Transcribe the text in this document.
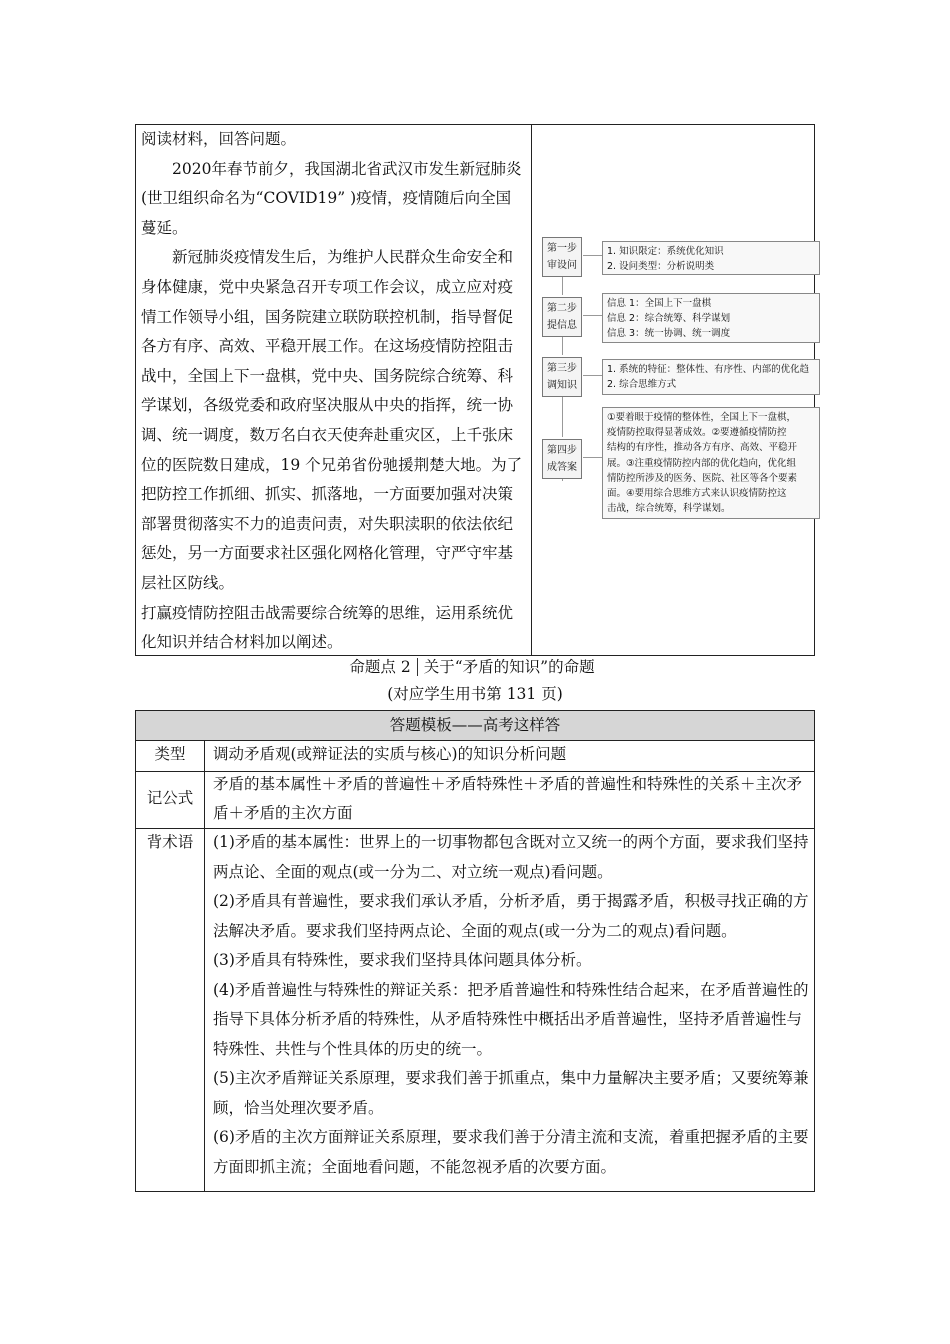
阅读材料，回答问题。

2020年春节前夕，我国湖北省武汉市发生新冠肺炎(世卫组织命名为“COVID19” )疫情，疫情随后向全国蔓延。

新冠肺炎疫情发生后，为维护人民群众生命安全和身体健康，党中央紧急召开专项工作会议，成立应对疫情工作领导小组，国务院建立联防联控机制，指导督促各方有序、高效、平稳开展工作。在这场疫情防控阻击战中，全国上下一盘棋，党中央、国务院综合统筹、科学谋划，各级党委和政府坚决服从中央的指挥，统一协调、统一调度，数万名白衣天使奔赴重灾区，上千张床位的医院数日建成，19 个兄弟省份驰援荆楚大地。为了把防控工作抓细、抓实、抓落地，一方面要加强对决策部署贯彻落实不力的追责问责，对失职渎职的依法依纪惩处，另一方面要求社区强化网格化管理，守严守牢基层社区防线。

打赢疫情防控阻击战需要综合统筹的思维，运用系统优化知识并结合材料加以阐述。

第一步
审设问
1. 知识限定：系统优化知识
2. 设问类型：分析说明类
第二步
提信息
信息 1：全国上下一盘棋
信息 2：综合统筹、科学谋划
信息 3：统一协调、统一调度
第三步
调知识
1. 系统的特征：整体性、有序性、内部的优化趋
2. 综合思维方式
第四步
成答案
①要着眼于疫情的整体性，全国上下一盘棋，
疫情防控取得显著成效。②要遵循疫情防控
结构的有序性，推动各方有序、高效、平稳开
展。③注重疫情防控内部的优化趋向，优化组
情防控所涉及的医务、医院、社区等各个要素
面。④要用综合思维方式来认识疫情防控这
击战，综合统筹，科学谋划。
命题点 2 关于“矛盾的知识”的命题
(对应学生用书第 131 页)
答题模板——高考这样答
类型	调动矛盾观(或辩证法的实质与核心)的知识分析问题

记公式

矛盾的基本属性＋矛盾的普遍性＋矛盾特殊性＋矛盾的普遍性和特殊性的关系＋主次矛盾＋矛盾的主次方面

背术语	(1)矛盾的基本属性：世界上的一切事物都包含既对立又统一的两个方面，要求我们坚持两点论、全面的观点(或一分为二、对立统一观点)看问题。

(2)矛盾具有普遍性，要求我们承认矛盾，分析矛盾，勇于揭露矛盾，积极寻找正确的方法解决矛盾。要求我们坚持两点论、全面的观点(或一分为二的观点)看问题。

(3)矛盾具有特殊性，要求我们坚持具体问题具体分析。

(4)矛盾普遍性与特殊性的辩证关系：把矛盾普遍性和特殊性结合起来，在矛盾普遍性的指导下具体分析矛盾的特殊性，从矛盾特殊性中概括出矛盾普遍性，坚持矛盾普遍性与特殊性、共性与个性具体的历史的统一。

(5)主次矛盾辩证关系原理，要求我们善于抓重点，集中力量解决主要矛盾；又要统筹兼顾，恰当处理次要矛盾。

(6)矛盾的主次方面辩证关系原理，要求我们善于分清主流和支流，着重把握矛盾的主要方面即抓主流；全面地看问题，不能忽视矛盾的次要方面。
